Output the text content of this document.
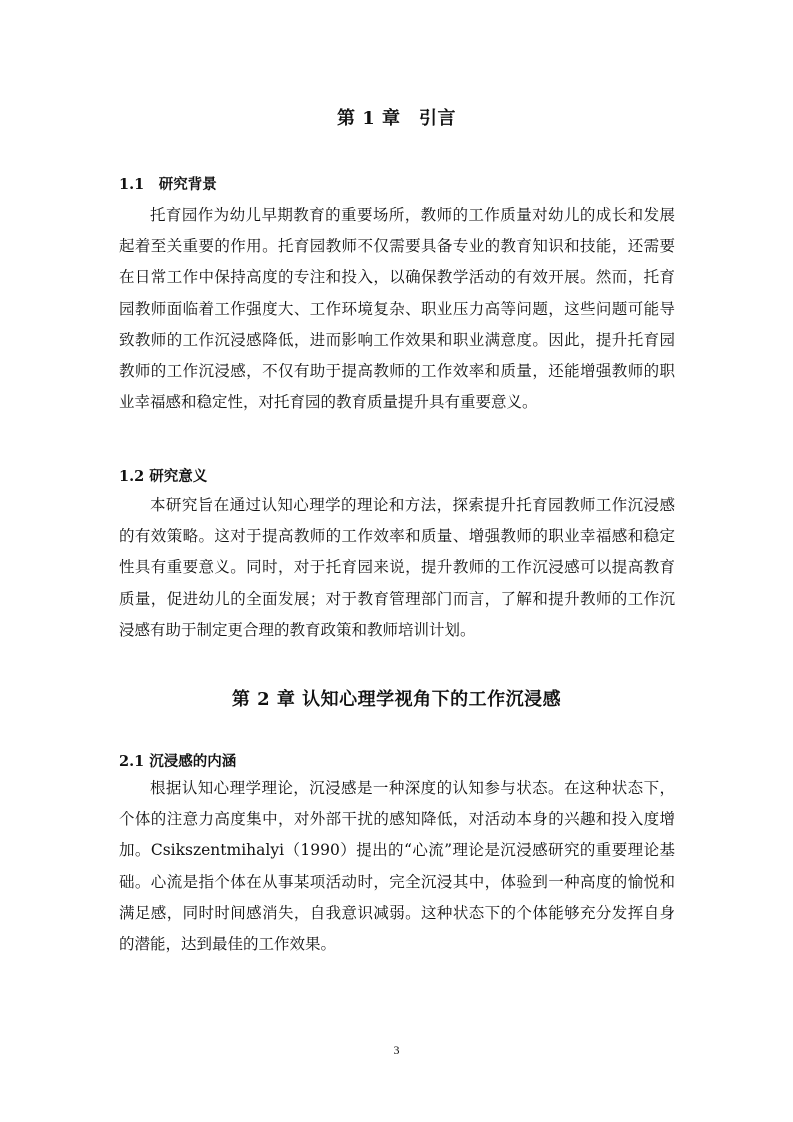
第 1 章　引言
1.1　研究背景

托育园作为幼儿早期教育的重要场所，教师的工作质量对幼儿的成长和发展起着至关重要的作用。托育园教师不仅需要具备专业的教育知识和技能，还需要在日常工作中保持高度的专注和投入，以确保教学活动的有效开展。然而，托育园教师面临着工作强度大、工作环境复杂、职业压力高等问题，这些问题可能导致教师的工作沉浸感降低，进而影响工作效果和职业满意度。因此，提升托育园教师的工作沉浸感，不仅有助于提高教师的工作效率和质量，还能增强教师的职业幸福感和稳定性，对托育园的教育质量提升具有重要意义。

1.2 研究意义

本研究旨在通过认知心理学的理论和方法，探索提升托育园教师工作沉浸感的有效策略。这对于提高教师的工作效率和质量、增强教师的职业幸福感和稳定性具有重要意义。同时，对于托育园来说，提升教师的工作沉浸感可以提高教育质量，促进幼儿的全面发展；对于教育管理部门而言，了解和提升教师的工作沉浸感有助于制定更合理的教育政策和教师培训计划。

第 2 章 认知心理学视角下的工作沉浸感
2.1 沉浸感的内涵

根据认知心理学理论，沉浸感是一种深度的认知参与状态。在这种状态下，个体的注意力高度集中，对外部干扰的感知降低，对活动本身的兴趣和投入度增加。Csikszentmihalyi（1990）提出的“心流”理论是沉浸感研究的重要理论基础。心流是指个体在从事某项活动时，完全沉浸其中，体验到一种高度的愉悦和满足感，同时时间感消失，自我意识减弱。这种状态下的个体能够充分发挥自身的潜能，达到最佳的工作效果。

3
